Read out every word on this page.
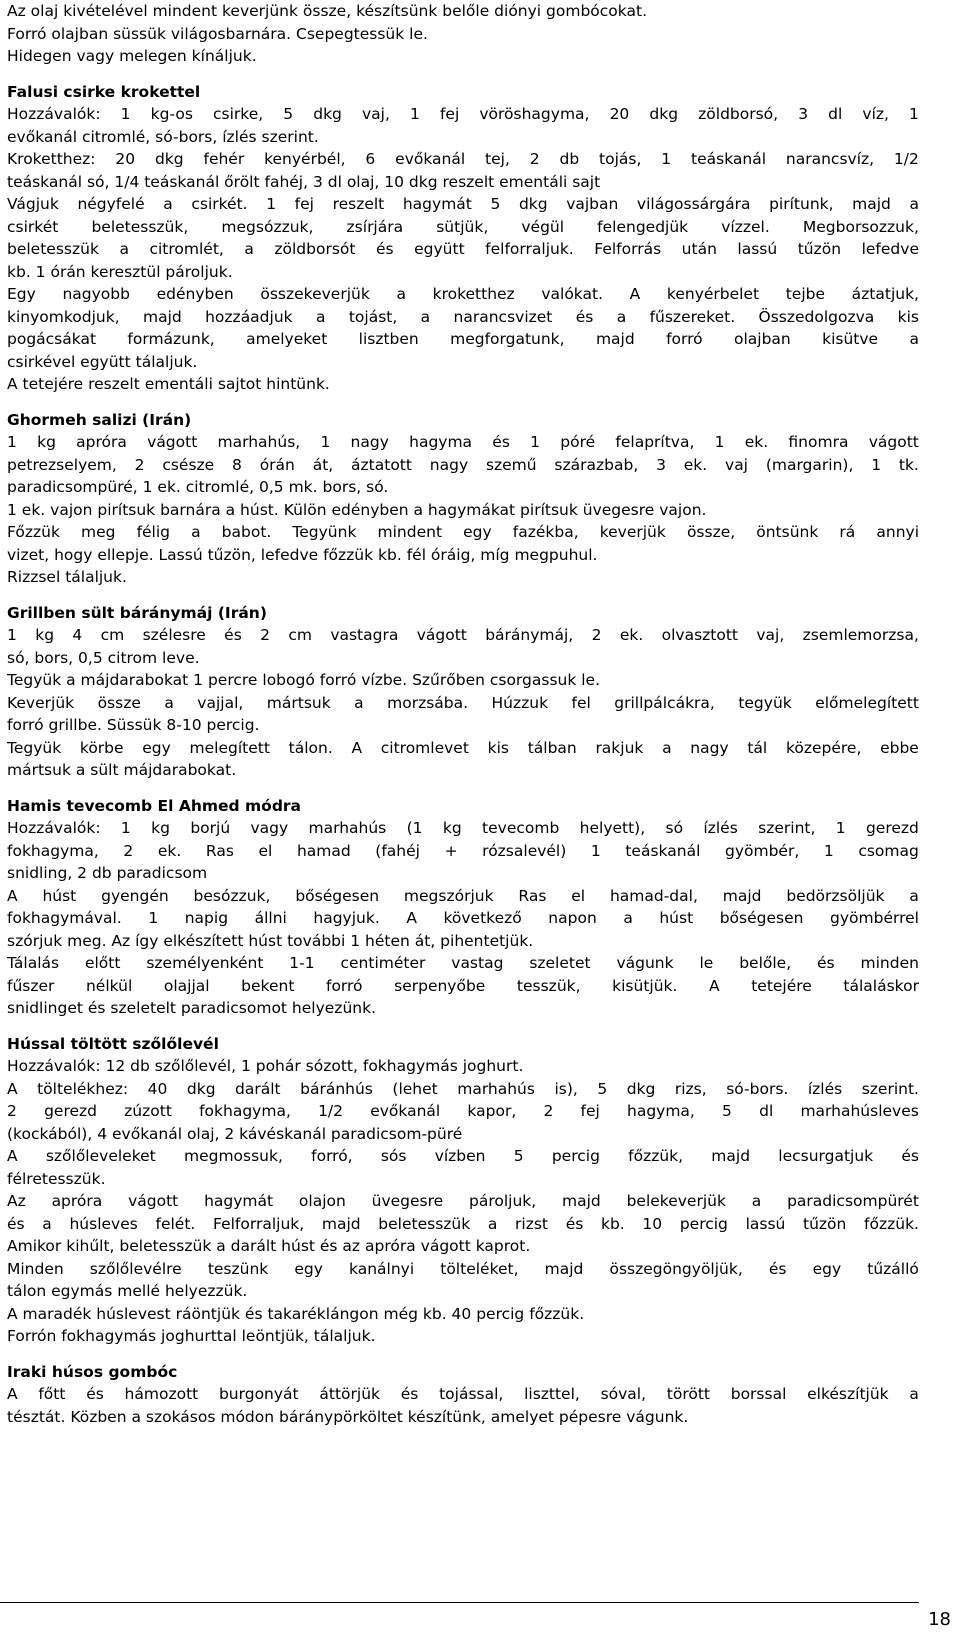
Az olaj kivételével mindent keverjünk össze, készítsünk belőle diónyi gombócokat.
Forró olajban süssük világosbarnára. Csepegtessük le.
Hidegen vagy melegen kínáljuk.
Falusi csirke krokettel
Hozzávalók: 1 kg-os csirke, 5 dkg vaj, 1 fej vöröshagyma, 20 dkg zöldborsó, 3 dl víz, 1
evőkanál citromlé, só-bors, ízlés szerint.
Kroketthez: 20 dkg fehér kenyérbél, 6 evőkanál tej, 2 db tojás, 1 teáskanál narancsvíz, 1/2
teáskanál só, 1/4 teáskanál őrölt fahéj, 3 dl olaj, 10 dkg reszelt ementáli sajt
Vágjuk négyfelé a csirkét. 1 fej reszelt hagymát 5 dkg vajban világossárgára pirítunk, majd a
csirkét beletesszük, megsózzuk, zsírjára sütjük, végül felengedjük vízzel. Megborsozzuk,
beletesszük a citromlét, a zöldborsót és együtt felforraljuk. Felforrás után lassú tűzön lefedve
kb. 1 órán keresztül pároljuk.
Egy nagyobb edényben összekeverjük a kroketthez valókat. A kenyérbelet tejbe áztatjuk,
kinyomkodjuk, majd hozzáadjuk a tojást, a narancsvizet és a fűszereket. Összedolgozva kis
pogácsákat formázunk, amelyeket lisztben megforgatunk, majd forró olajban kisütve a
csirkével együtt tálaljuk.
A tetejére reszelt ementáli sajtot hintünk.
Ghormeh salizi (Irán)
1 kg apróra vágott marhahús, 1 nagy hagyma és 1 póré felaprítva, 1 ek. finomra vágott
petrezselyem, 2 csésze 8 órán át, áztatott nagy szemű szárazbab, 3 ek. vaj (margarin), 1 tk.
paradicsompüré, 1 ek. citromlé, 0,5 mk. bors, só.
1 ek. vajon pirítsuk barnára a húst. Külön edényben a hagymákat pirítsuk üvegesre vajon.
Főzzük meg félig a babot. Tegyünk mindent egy fazékba, keverjük össze, öntsünk rá annyi
vizet, hogy ellepje. Lassú tűzön, lefedve főzzük kb. fél óráig, míg megpuhul.
Rizzsel tálaljuk.
Grillben sült báránymáj (Irán)
1 kg 4 cm szélesre és 2 cm vastagra vágott báránymáj, 2 ek. olvasztott vaj, zsemlemorzsa,
só, bors, 0,5 citrom leve.
Tegyük a májdarabokat 1 percre lobogó forró vízbe. Szűrőben csorgassuk le.
Keverjük össze a vajjal, mártsuk a morzsába. Húzzuk fel grillpálcákra, tegyük előmelegített
forró grillbe. Süssük 8-10 percig.
Tegyük körbe egy melegített tálon. A citromlevet kis tálban rakjuk a nagy tál közepére, ebbe
mártsuk a sült májdarabokat.
Hamis tevecomb El Ahmed módra
Hozzávalók: 1 kg borjú vagy marhahús (1 kg tevecomb helyett), só ízlés szerint, 1 gerezd
fokhagyma, 2 ek. Ras el hamad (fahéj + rózsalevél) 1 teáskanál gyömbér, 1 csomag
snidling, 2 db paradicsom
A húst gyengén besózzuk, bőségesen megszórjuk Ras el hamad-dal, majd bedörzsöljük a
fokhagymával. 1 napig állni hagyjuk. A következő napon a húst bőségesen gyömbérrel
szórjuk meg. Az így elkészített húst további 1 héten át, pihentetjük.
Tálalás előtt személyenként 1-1 centiméter vastag szeletet vágunk le belőle, és minden
fűszer nélkül olajjal bekent forró serpenyőbe tesszük, kisütjük. A tetejére tálaláskor
snidlinget és szeletelt paradicsomot helyezünk.
Hússal töltött szőlőlevél
Hozzávalók: 12 db szőlőlevél, 1 pohár sózott, fokhagymás joghurt.
A töltelékhez: 40 dkg darált báránhús (lehet marhahús is), 5 dkg rizs, só-bors. ízlés szerint.
2 gerezd zúzott fokhagyma, 1/2 evőkanál kapor, 2 fej hagyma, 5 dl marhahúsleves
(kockából), 4 evőkanál olaj, 2 kávéskanál paradicsom-püré
A szőlőleveleket megmossuk, forró, sós vízben 5 percig főzzük, majd lecsurgatjuk és
félretesszük.
Az apróra vágott hagymát olajon üvegesre pároljuk, majd belekeverjük a paradicsompürét
és a húsleves felét. Felforraljuk, majd beletesszük a rizst és kb. 10 percig lassú tűzön főzzük.
Amikor kihűlt, beletesszük a darált húst és az apróra vágott kaprot.
Minden szőlőlevélre teszünk egy kanálnyi tölteléket, majd összegöngyöljük, és egy tűzálló
tálon egymás mellé helyezzük.
A maradék húslevest ráöntjük és takaréklángon még kb. 40 percig főzzük.
Forrón fokhagymás joghurttal leöntjük, tálaljuk.
Iraki húsos gombóc
A főtt és hámozott burgonyát áttörjük és tojással, liszttel, sóval, törött borssal elkészítjük a
tésztát. Közben a szokásos módon báránypörköltet készítünk, amelyet pépesre vágunk.
18
